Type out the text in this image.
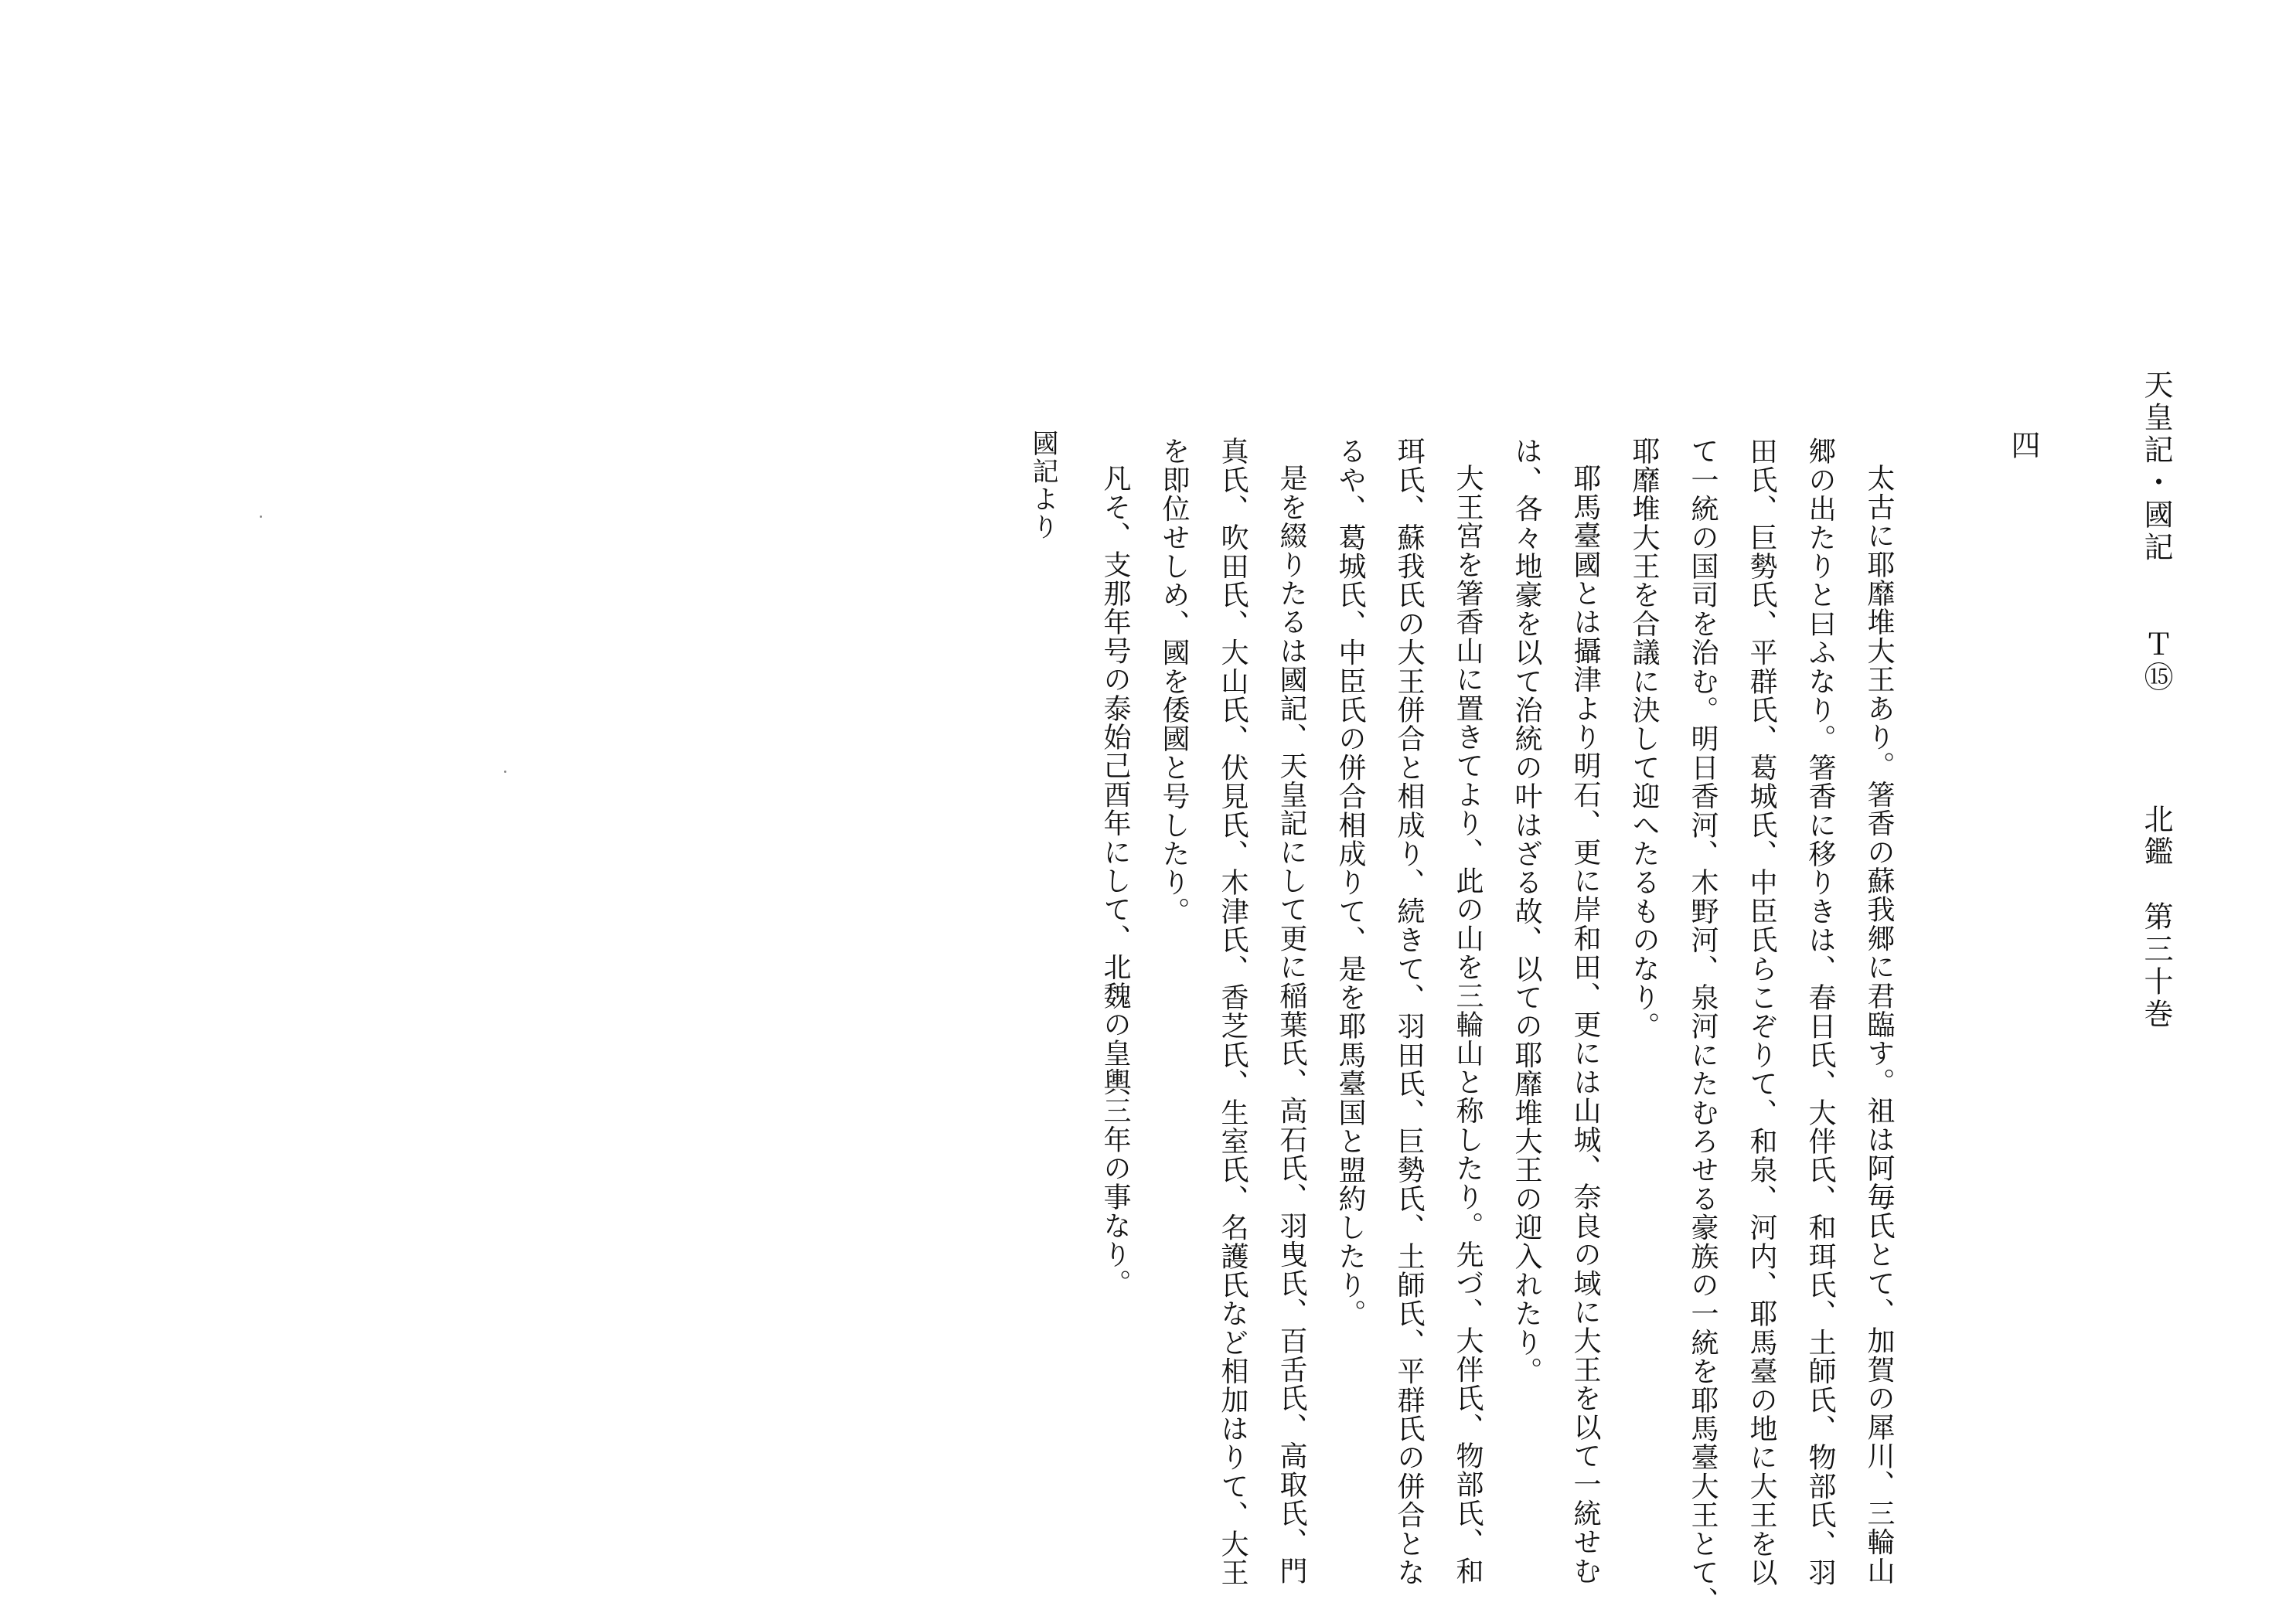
天皇記・國記　　Ｔ⑮
北鑑　第三十巻
四
太古に耶靡堆大王あり。箸香の蘇我郷に君臨す。祖は阿毎氏とて、加賀の犀川、三輪山
郷の出たりと曰ふなり。箸香に移りきは、春日氏、大伴氏、和珥氏、土師氏、物部氏、羽
田氏、巨勢氏、平群氏、葛城氏、中臣氏らこぞりて、和泉、河内、耶馬臺の地に大王を以
て一統の国司を治む。明日香河、木野河、泉河にたむろせる豪族の一統を耶馬臺大王とて、
耶靡堆大王を合議に決して迎へたるものなり。
耶馬臺國とは攝津より明石、更に岸和田、更には山城、奈良の域に大王を以て一統せむ
は、各々地豪を以て治統の叶はざる故、以ての耶靡堆大王の迎入れたり。
大王宮を箸香山に置きてより、此の山を三輪山と称したり。先づ、大伴氏、物部氏、和
珥氏、蘇我氏の大王併合と相成り、続きて、羽田氏、巨勢氏、土師氏、平群氏の併合とな
るや、葛城氏、中臣氏の併合相成りて、是を耶馬臺国と盟約したり。
是を綴りたるは國記、天皇記にして更に稲葉氏、高石氏、羽曳氏、百舌氏、高取氏、門
真氏、吹田氏、大山氏、伏見氏、木津氏、香芝氏、生室氏、名護氏など相加はりて、大王
を即位せしめ、國を倭國と号したり。
凡そ、支那年号の泰始己酉年にして、北魏の皇輿三年の事なり。
國記より
